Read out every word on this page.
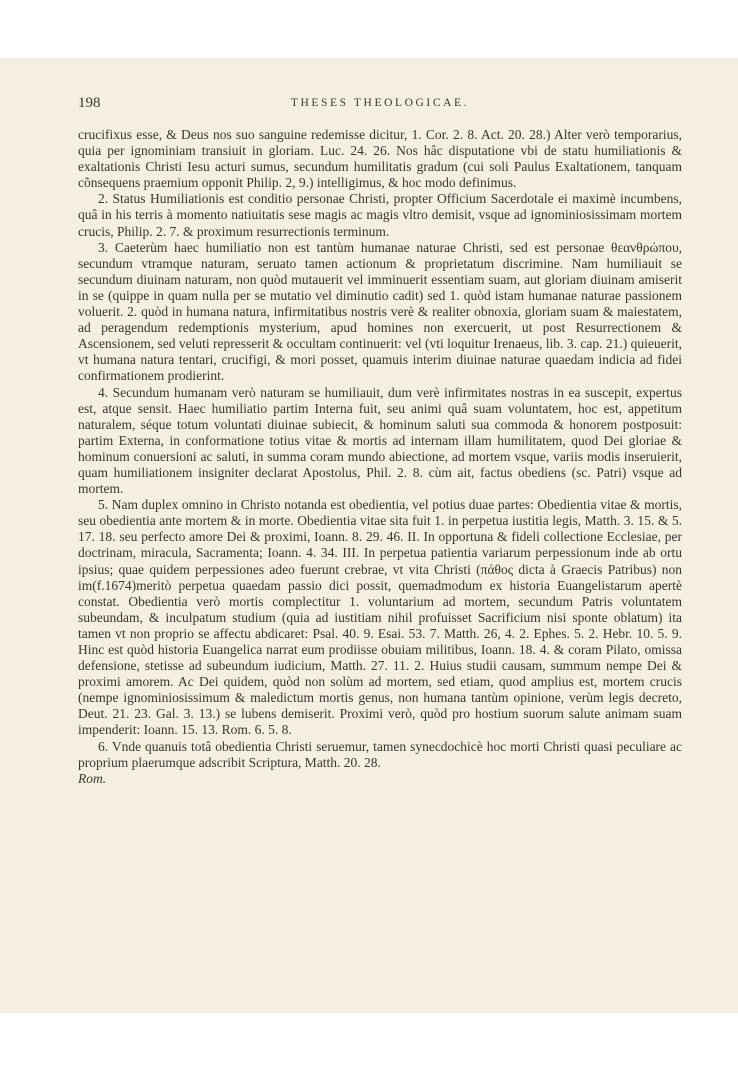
198	THESES THEOLOGICAE.

crucifixus esse, & Deus nos suo sanguine redemisse dicitur, 1. Cor. 2. 8. Act. 20. 28.) Alter verò temporarius, quia per ignominiam transiuit in gloriam. Luc. 24. 26. Nos hâc disputatione vbi de statu humiliationis & exaltationis Christi Iesu acturi sumus, secundum humilitatis gradum (cui soli Paulus Exaltationem, tanquam cõnsequens praemium opponit Philip. 2, 9.) intelligimus, & hoc modo definimus.

2. Status Humiliationis est conditio personae Christi, propter Officium Sacerdotale ei maximè incumbens, quâ in his terris à momento natiuitatis sese magis ac magis vltro demisit, vsque ad ignominiosissimam mortem crucis, Philip. 2. 7. & proximum resurrectionis terminum.

3. Caeterùm haec humiliatio non est tantùm humanae naturae Christi, sed est personae θεανθρώπου, secundum vtramque naturam, seruato tamen actionum & proprietatum discrimine. Nam humiliauit se secundum diuinam naturam, non quòd mutauerit vel imminuerit essentiam suam, aut gloriam diuinam amiserit in se (quippe in quam nulla per se mutatio vel diminutio cadit) sed 1. quòd istam humanae naturae passionem voluerit. 2. quòd in humana natura, infirmitatibus nostris verè & realiter obnoxia, gloriam suam & maiestatem, ad peragendum redemptionis mysterium, apud homines non exercuerit, ut post Resurrectionem & Ascensionem, sed veluti represserit & occultam continuerit: vel (vti loquitur Irenaeus, lib. 3. cap. 21.) quieuerit, vt humana natura tentari, crucifigi, & mori posset, quamuis interim diuinae naturae quaedam indicia ad fidei confirmationem prodierint.

4. Secundum humanam verò naturam se humiliauit, dum verè infirmitates nostras in ea suscepit, expertus est, atque sensit. Haec humiliatio partim Interna fuit, seu animi quâ suam voluntatem, hoc est, appetitum naturalem, séque totum voluntati diuinae subiecit, & hominum saluti sua commoda & honorem postposuit: partim Externa, in conformatione totius vitae & mortis ad internam illam humilitatem, quod Dei gloriae & hominum conuersioni ac saluti, in summa coram mundo abiectione, ad mortem vsque, variis modis inseruierit, quam humiliationem insigniter declarat Apostolus, Phil. 2. 8. cùm ait, factus obediens (sc. Patri) vsque ad mortem.

5. Nam duplex omnino in Christo notanda est obedientia, vel potius duae partes: Obedientia vitae & mortis, seu obedientia ante mortem & in morte. Obedientia vitae sita fuit 1. in perpetua iustitia legis, Matth. 3. 15. & 5. 17. 18. seu perfecto amore Dei & proximi, Ioann. 8. 29. 46. II. In opportuna & fideli collectione Ecclesiae, per doctrinam, miracula, Sacramenta; Ioann. 4. 34. III. In perpetua patientia variarum perpessionum inde ab ortu ipsius; quae quidem perpessiones adeo fuerunt crebrae, vt vita Christi (πάθος dicta à Graecis Patribus) non im(f.1674)meritò perpetua quaedam passio dici possit, quemadmodum ex historia Euangelistarum apertè constat. Obedientia verò mortis complectitur 1. voluntarium ad mortem, secundum Patris voluntatem subeundam, & inculpatum studium (quia ad iustitiam nihil profuisset Sacrificium nisi sponte oblatum) ita tamen vt non proprio se affectu abdicaret: Psal. 40. 9. Esai. 53. 7. Matth. 26, 4. 2. Ephes. 5. 2. Hebr. 10. 5. 9. Hinc est quòd historia Euangelica narrat eum prodiisse obuiam militibus, Ioann. 18. 4. & coram Pilato, omissa defensione, stetisse ad subeundum iudicium, Matth. 27. 11. 2. Huius studii causam, summum nempe Dei & proximi amorem. Ac Dei quidem, quòd non solùm ad mortem, sed etiam, quod amplius est, mortem crucis (nempe ignominiosissimum & maledictum mortis genus, non humana tantùm opinione, verùm legis decreto, Deut. 21. 23. Gal. 3. 13.) se lubens demiserit. Proximi verò, quòd pro hostium suorum salute animam suam impenderit: Ioann. 15. 13. Rom. 6. 5. 8.

6. Vnde quanuis totâ obedientia Christi seruemur, tamen synecdochicè hoc morti Christi quasi peculiare ac proprium plaerumque adscribit Scriptura, Matth. 20. 28.

Rom.
